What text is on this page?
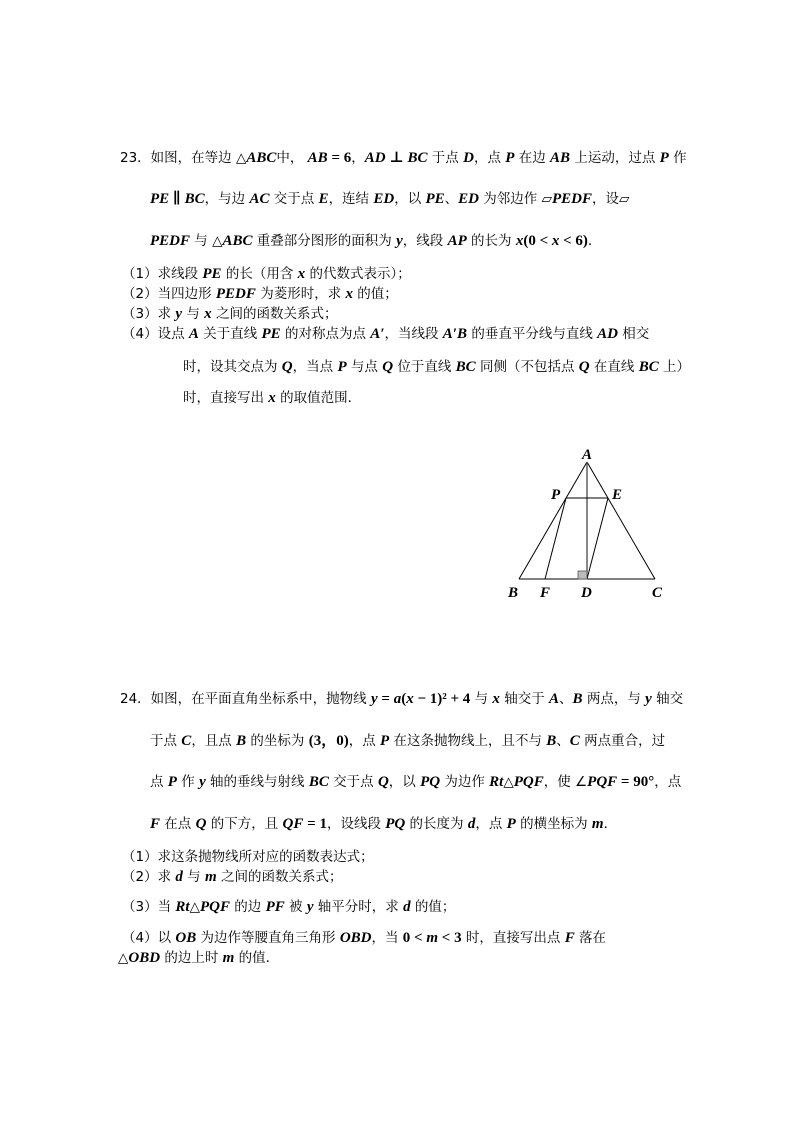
23．如图，在等边 △ABC中， AB = 6，AD ⊥ BC 于点 D，点 P 在边 AB 上运动，过点 P 作
PE ∥ BC，与边 AC 交于点 E，连结 ED，以 PE、ED 为邻边作 ▱PEDF，设▱
PEDF 与 △ABC 重叠部分图形的面积为 y，线段 AP 的长为 x(0 < x < 6)．
（1）求线段 PE 的长（用含 x 的代数式表示）；
（2）当四边形 PEDF 为菱形时，求 x 的值；
（3）求 y 与 x 之间的函数关系式；
（4）设点 A 关于直线 PE 的对称点为点 A′，当线段 A′B 的垂直平分线与直线 AD 相交
时，设其交点为 Q，当点 P 与点 Q 位于直线 BC 同侧（不包括点 Q 在直线 BC 上）
时，直接写出 x 的取值范围．
24．如图，在平面直角坐标系中，抛物线 y = a(x − 1)² + 4 与 x 轴交于 A、B 两点，与 y 轴交
于点 C，且点 B 的坐标为 (3，0)，点 P 在这条抛物线上，且不与 B、C 两点重合，过
点 P 作 y 轴的垂线与射线 BC 交于点 Q，以 PQ 为边作 Rt△PQF，使 ∠PQF = 90°，点
F 在点 Q 的下方，且 QF = 1，设线段 PQ 的长度为 d，点 P 的横坐标为 m．
（1）求这条抛物线所对应的函数表达式；
（2）求 d 与 m 之间的函数关系式；
（3）当 Rt△PQF 的边 PF 被 y 轴平分时，求 d 的值；
（4）以 OB 为边作等腰直角三角形 OBD，当 0 < m < 3 时，直接写出点 F 落在
△OBD 的边上时 m 的值．
A
P	E
B F D	C
